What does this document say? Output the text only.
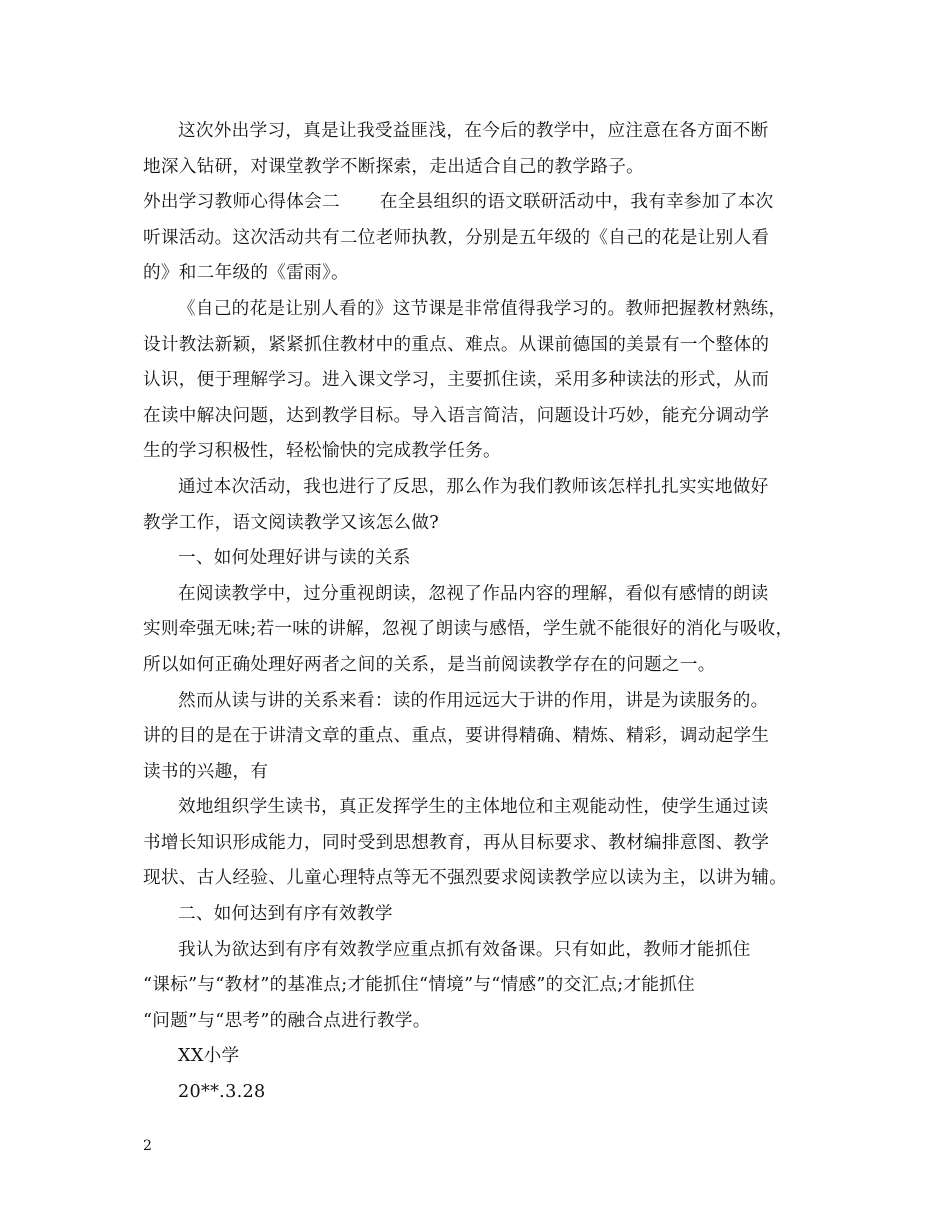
这次外出学习，真是让我受益匪浅，在今后的教学中，应注意在各方面不断
地深入钻研，对课堂教学不断探索，走出适合自己的教学路子。
外出学习教师心得体会二 在全县组织的语文联研活动中，我有幸参加了本次
听课活动。这次活动共有二位老师执教，分别是五年级的《自己的花是让别人看
的》和二年级的《雷雨》。
《自己的花是让别人看的》这节课是非常值得我学习的。教师把握教材熟练，
设计教法新颖，紧紧抓住教材中的重点、难点。从课前德国的美景有一个整体的
认识，便于理解学习。进入课文学习，主要抓住读，采用多种读法的形式，从而
在读中解决问题，达到教学目标。导入语言简洁，问题设计巧妙，能充分调动学
生的学习积极性，轻松愉快的完成教学任务。
通过本次活动，我也进行了反思，那么作为我们教师该怎样扎扎实实地做好
教学工作，语文阅读教学又该怎么做?
一、如何处理好讲与读的关系
在阅读教学中，过分重视朗读，忽视了作品内容的理解，看似有感情的朗读
实则牵强无味;若一味的讲解，忽视了朗读与感悟，学生就不能很好的消化与吸收，
所以如何正确处理好两者之间的关系，是当前阅读教学存在的问题之一。
然而从读与讲的关系来看：读的作用远远大于讲的作用，讲是为读服务的。
讲的目的是在于讲清文章的重点、重点，要讲得精确、精炼、精彩，调动起学生
读书的兴趣，有
效地组织学生读书，真正发挥学生的主体地位和主观能动性，使学生通过读
书增长知识形成能力，同时受到思想教育，再从目标要求、教材编排意图、教学
现状、古人经验、儿童心理特点等无不强烈要求阅读教学应以读为主，以讲为辅。
二、如何达到有序有效教学
我认为欲达到有序有效教学应重点抓有效备课。只有如此，教师才能抓住
“课标”与“教材”的基准点;才能抓住“情境”与“情感”的交汇点;才能抓住
“问题”与“思考”的融合点进行教学。
XX小学
20**.3.28
2
